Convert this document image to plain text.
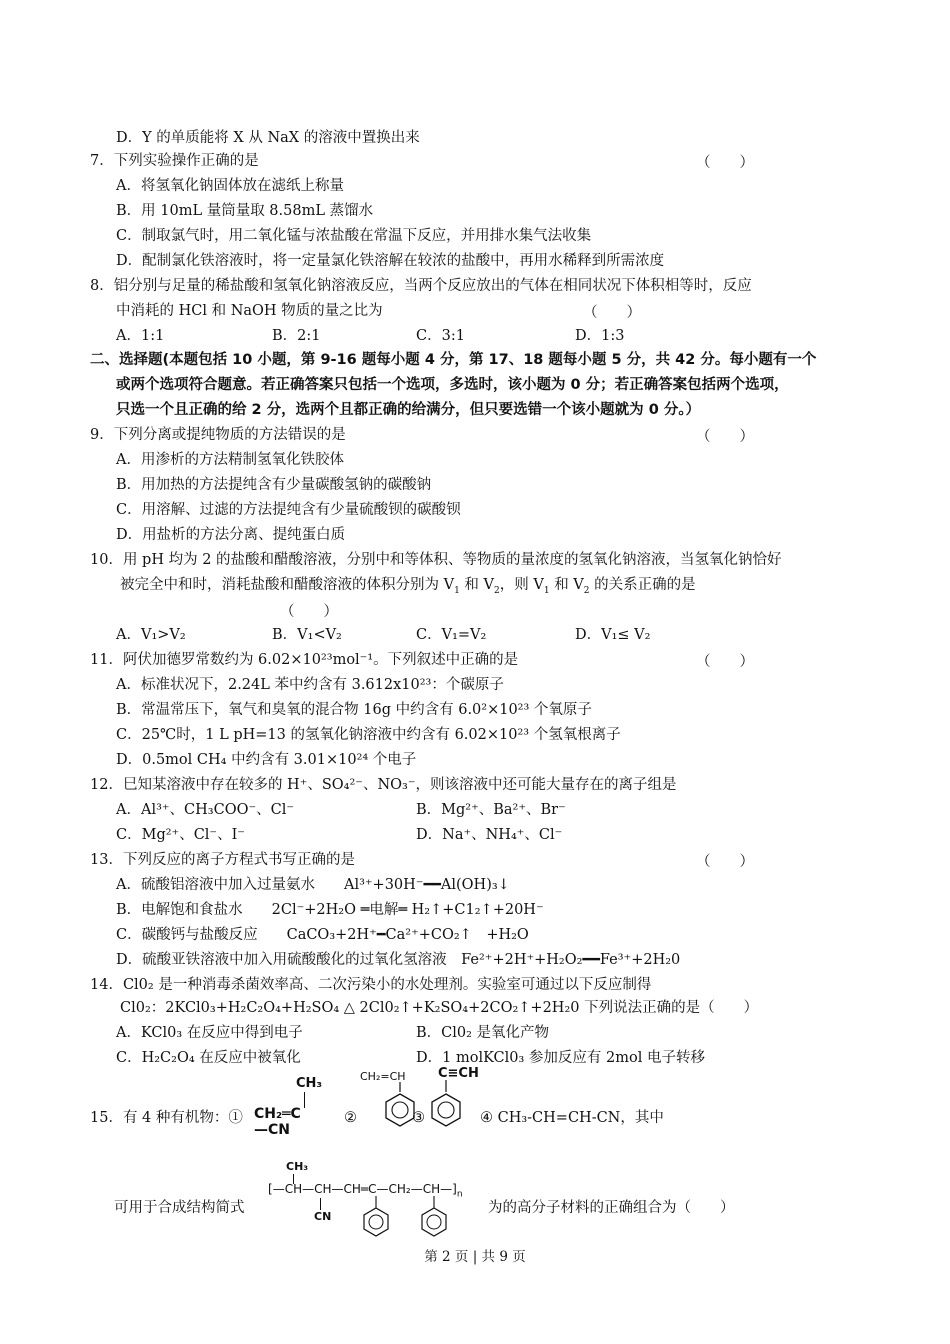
D．Y 的单质能将 X 从 NaX 的溶液中置换出来
7．下列实验操作正确的是	（　　）
A．将氢氧化钠固体放在滤纸上称量
B．用 10mL 量筒量取 8.58mL 蒸馏水
C．制取氯气时，用二氧化锰与浓盐酸在常温下反应，并用排水集气法收集
D．配制氯化铁溶液时，将一定量氯化铁溶解在较浓的盐酸中，再用水稀释到所需浓度
8．铝分别与足量的稀盐酸和氢氧化钠溶液反应，当两个反应放出的气体在相同状况下体积相等时，反应
中消耗的 HCl 和 NaOH 物质的量之比为	（　　）
A．1:1	B．2:1	C．3:1	D．1:3
二、选择题(本题包括 10 小题，第 9-16 题每小题 4 分，第 17、18 题每小题 5 分，共 42 分。每小题有一个
或两个选项符合题意。若正确答案只包括一个选项，多选时，该小题为 0 分；若正确答案包括两个选项，
只选一个且正确的给 2 分，选两个且都正确的给满分，但只要选错一个该小题就为 0 分。）
9．下列分离或提纯物质的方法错误的是	（　　）
A．用渗析的方法精制氢氧化铁胶体
B．用加热的方法提纯含有少量碳酸氢钠的碳酸钠
C．用溶解、过滤的方法提纯含有少量硫酸钡的碳酸钡
D．用盐析的方法分离、提纯蛋白质
10．用 pH 均为 2 的盐酸和醋酸溶液，分别中和等体积、等物质的量浓度的氢氧化钠溶液，当氢氧化钠恰好
被完全中和时，消耗盐酸和醋酸溶液的体积分别为 $V_1$ 和 $V_2$，则 $V_1$ 和 $V_2$ 的关系正确的是
（　　）
A．V₁>V₂	B．V₁<V₂	C．V₁=V₂	D．V₁≤ V₂
11．阿伏加德罗常数约为 6.02×10²³mol⁻¹。下列叙述中正确的是	（　　）
A．标准状况下，2.24L 苯中约含有 3.612x10²³：个碳原子
B．常温常压下，氧气和臭氧的混合物 16g 中约含有 6.0²×10²³ 个氧原子
C．25℃时，1 L pH=13 的氢氧化钠溶液中约含有 6.02×10²³ 个氢氧根离子
D．0.5mol CH₄ 中约含有 3.01×10²⁴ 个电子
12．巳知某溶液中存在较多的 H⁺、SO₄²⁻、NO₃⁻，则该溶液中还可能大量存在的离子组是
A．Al³⁺、CH₃COO⁻、Cl⁻	B．Mg²⁺、Ba²⁺、Br⁻
C．Mg²⁺、Cl⁻、I⁻	D．Na⁺、NH₄⁺、Cl⁻
13．下列反应的离子方程式书写正确的是	（　　）
A．硫酸铝溶液中加入过量氨水　　Al³⁺+30H⁻━━Al(OH)₃↓
B．电解饱和食盐水　　2Cl⁻+2H₂O ═电解═ H₂↑+C1₂↑+20H⁻
C．碳酸钙与盐酸反应　　CaCO₃+2H⁺━Ca²⁺+CO₂↑　+H₂O
D．硫酸亚铁溶液中加入用硫酸酸化的过氧化氢溶液　Fe²⁺+2H⁺+H₂O₂━━Fe³⁺+2H₂0
14．Cl0₂ 是一种消毒杀菌效率高、二次污染小的水处理剂。实验室可通过以下反应制得
Cl0₂：2KCl0₃+H₂C₂O₄+H₂SO₄ △ 2Cl0₂↑+K₂SO₄+2CO₂↑+2H₂0 下列说法正确的是（　　）
A．KCl0₃ 在反应中得到电子	B．Cl0₂ 是氧化产物
C．H₂C₂O₄ 在反应中被氧化	D．1 molKCl0₃ 参加反应有 2mol 电子转移
15．有 4 种有机物：①
CH₃
CH₂═C—CN
②
CH₂=CH
③
C≡CH
④ CH₃-CH=CH-CN，其中
可用于合成结构简式
CH₃
$[—CH—CH—CH═C—CH_2—CH—]_n$
CN
为的高分子材料的正确组合为（　　）
第 2 页 | 共 9 页
